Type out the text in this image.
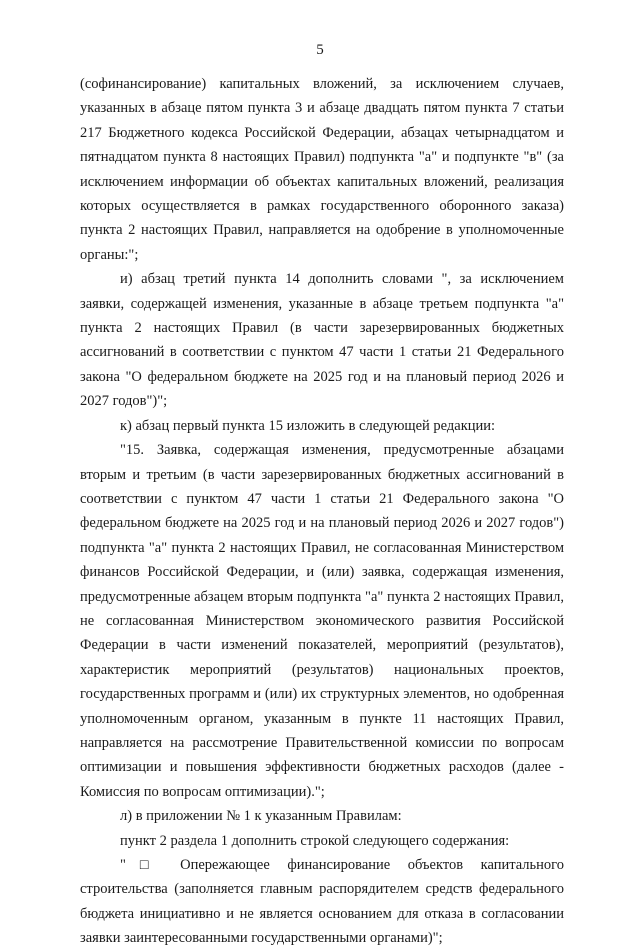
5

(софинансирование) капитальных вложений, за исключением случаев, указанных в абзаце пятом пункта 3 и абзаце двадцать пятом пункта 7 статьи 217 Бюджетного кодекса Российской Федерации, абзацах четырнадцатом и пятнадцатом пункта 8 настоящих Правил) подпункта "а" и подпункте "в" (за исключением информации об объектах капитальных вложений, реализация которых осуществляется в рамках государственного оборонного заказа) пункта 2 настоящих Правил, направляется на одобрение в уполномоченные органы:";

и) абзац третий пункта 14 дополнить словами ", за исключением заявки, содержащей изменения, указанные в абзаце третьем подпункта "а" пункта 2 настоящих Правил (в части зарезервированных бюджетных ассигнований в соответствии с пунктом 47 части 1 статьи 21 Федерального закона "О федеральном бюджете на 2025 год и на плановый период 2026 и 2027 годов")";

к) абзац первый пункта 15 изложить в следующей редакции:

"15. Заявка, содержащая изменения, предусмотренные абзацами вторым и третьим (в части зарезервированных бюджетных ассигнований в соответствии с пунктом 47 части 1 статьи 21 Федерального закона "О федеральном бюджете на 2025 год и на плановый период 2026 и 2027 годов") подпункта "а" пункта 2 настоящих Правил, не согласованная Министерством финансов Российской Федерации, и (или) заявка, содержащая изменения, предусмотренные абзацем вторым подпункта "а" пункта 2 настоящих Правил, не согласованная Министерством экономического развития Российской Федерации в части изменений показателей, мероприятий (результатов), характеристик мероприятий (результатов) национальных проектов, государственных программ и (или) их структурных элементов, но одобренная уполномоченным органом, указанным в пункте 11 настоящих Правил, направляется на рассмотрение Правительственной комиссии по вопросам оптимизации и повышения эффективности бюджетных расходов (далее - Комиссия по вопросам оптимизации).";

л) в приложении № 1 к указанным Правилам:

пункт 2 раздела 1 дополнить строкой следующего содержания:

"□ Опережающее финансирование объектов капитального строительства (заполняется главным распорядителем средств федерального бюджета инициативно и не является основанием для отказа в согласовании заявки заинтересованными государственными органами)";
